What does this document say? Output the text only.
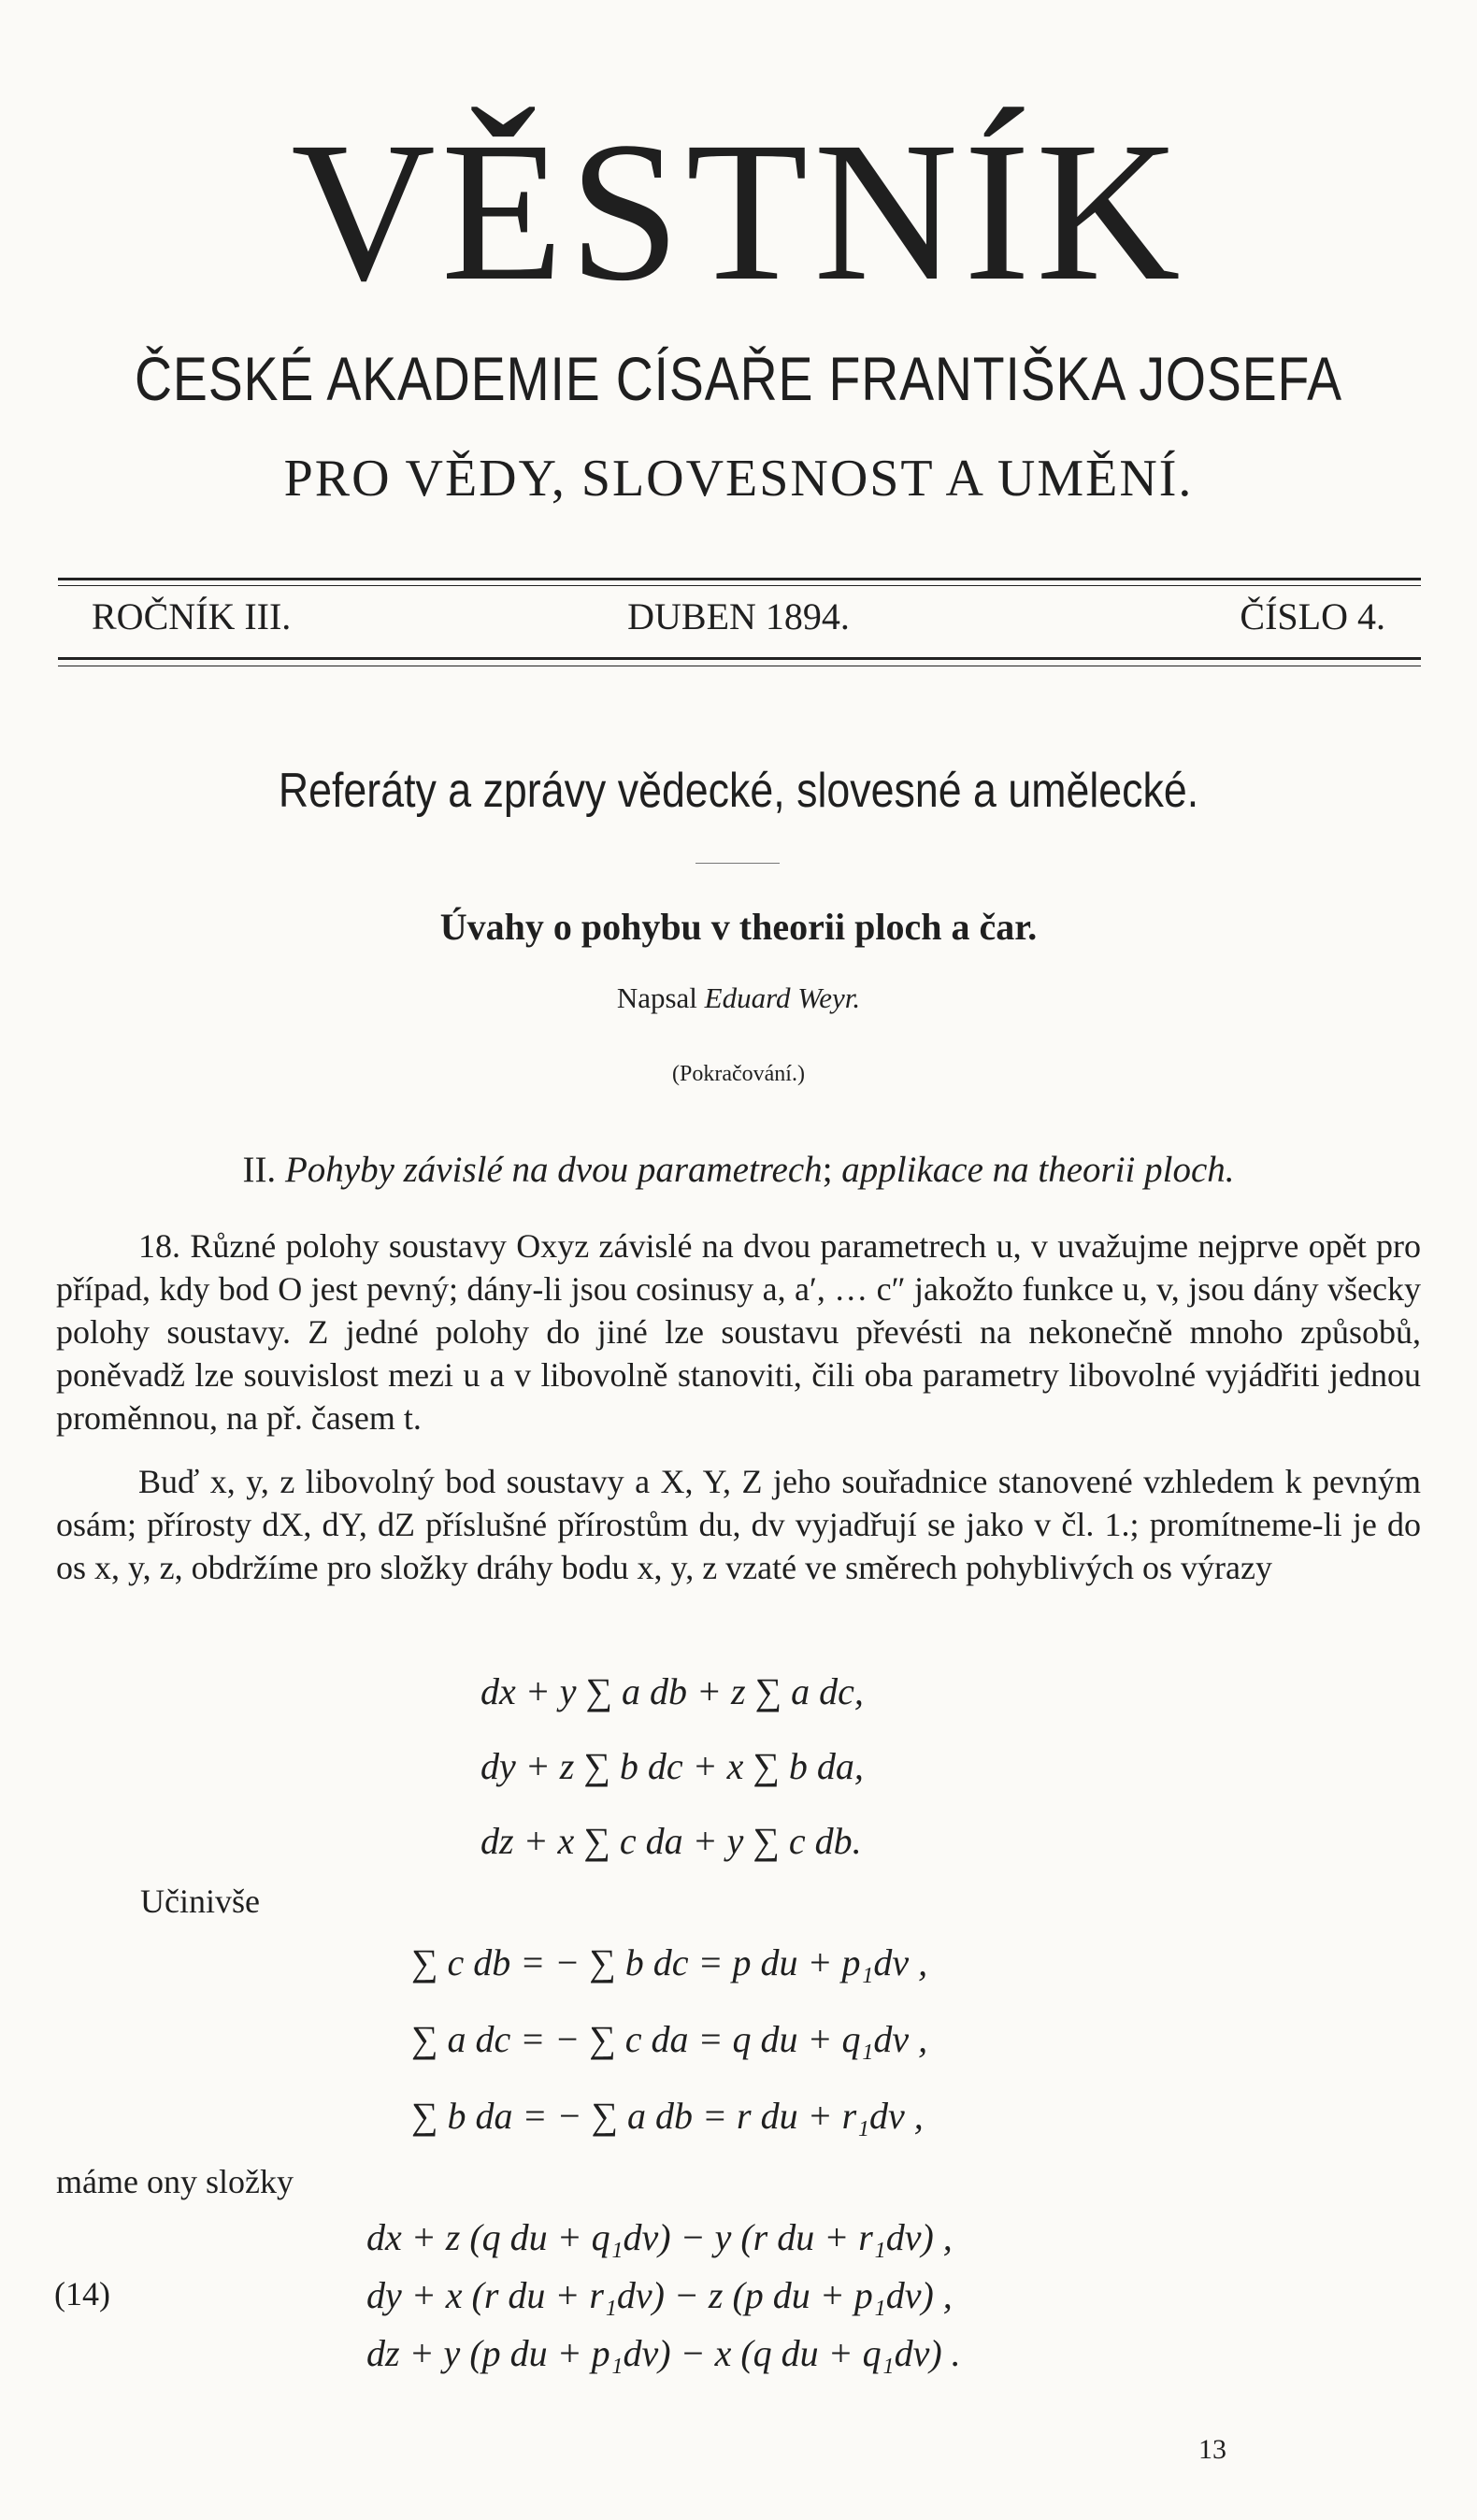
VĚSTNÍK
ČESKÉ AKADEMIE CÍSAŘE FRANTIŠKA JOSEFA
PRO VĚDY, SLOVESNOST A UMĚNÍ.
ROČNÍK III.	DUBEN 1894.	ČÍSLO 4.
Referáty a zprávy vědecké, slovesné a umělecké.
Úvahy o pohybu v theorii ploch a čar.
Napsal Eduard Weyr.
(Pokračování.)
II. Pohyby závislé na dvou parametrech; applikace na theorii ploch.

18. Různé polohy soustavy Oxyz závislé na dvou parametrech u, v uvažujme nejprve opět pro případ, kdy bod O jest pevný; dány-li jsou cosinusy a, a′, … c″ jakožto funkce u, v, jsou dány všecky polohy soustavy. Z jedné polohy do jiné lze soustavu převésti na nekonečně mnoho způsobů, poněvadž lze souvislost mezi u a v libovolně stanoviti, čili oba parametry libovolné vyjádřiti jednou proměnnou, na př. časem t.

Buď x, y, z libovolný bod soustavy a X, Y, Z jeho souřadnice stanovené vzhledem k pevným osám; přírosty dX, dY, dZ příslušné přírostům du, dv vyjadřují se jako v čl. 1.; promítneme-li je do os x, y, z, obdržíme pro složky dráhy bodu x, y, z vzaté ve směrech pohyblivých os výrazy

dx + y ∑ a db + z ∑ a dc,
dy + z ∑ b dc + x ∑ b da,
dz + x ∑ c da + y ∑ c db.
Učinivše
∑ c db = − ∑ b dc = p du + p₁dv ,
∑ a dc = − ∑ c da = q du + q₁dv ,
∑ b da = − ∑ a db = r du + r₁dv ,
máme ony složky
(14)
dx + z (q du + q₁dv) − y (r du + r₁dv) ,
dy + x (r du + r₁dv) − z (p du + p₁dv) ,
dz + y (p du + p₁dv) − x (q du + q₁dv) .
13
